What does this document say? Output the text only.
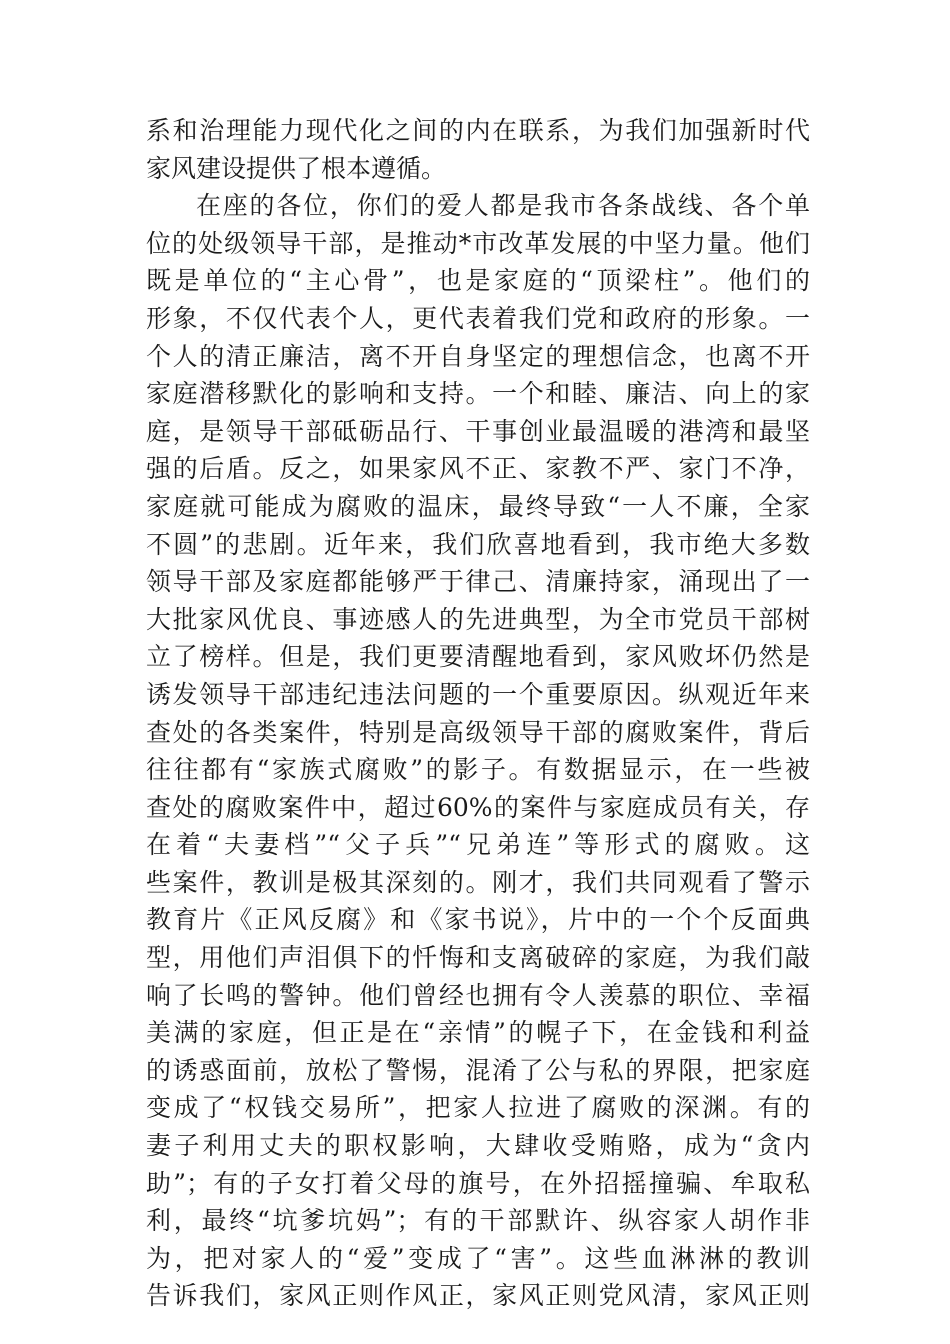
系和治理能力现代化之间的内在联系，为我们加强新时代
家风建设提供了根本遵循。
在座的各位，你们的爱人都是我市各条战线、各个单
位的处级领导干部，是推动*市改革发展的中坚力量。他们
既是单位的“主心骨”，也是家庭的“顶梁柱”。他们的
形象，不仅代表个人，更代表着我们党和政府的形象。一
个人的清正廉洁，离不开自身坚定的理想信念，也离不开
家庭潜移默化的影响和支持。一个和睦、廉洁、向上的家
庭，是领导干部砥砺品行、干事创业最温暖的港湾和最坚
强的后盾。反之，如果家风不正、家教不严、家门不净，
家庭就可能成为腐败的温床，最终导致“一人不廉，全家
不圆”的悲剧。近年来，我们欣喜地看到，我市绝大多数
领导干部及家庭都能够严于律己、清廉持家，涌现出了一
大批家风优良、事迹感人的先进典型，为全市党员干部树
立了榜样。但是，我们更要清醒地看到，家风败坏仍然是
诱发领导干部违纪违法问题的一个重要原因。纵观近年来
查处的各类案件，特别是高级领导干部的腐败案件，背后
往往都有“家族式腐败”的影子。有数据显示，在一些被
查处的腐败案件中，超过60%的案件与家庭成员有关，存
在着“夫妻档”“父子兵”“兄弟连”等形式的腐败。这
些案件，教训是极其深刻的。刚才，我们共同观看了警示
教育片《正风反腐》和《家书说》，片中的一个个反面典
型，用他们声泪俱下的忏悔和支离破碎的家庭，为我们敲
响了长鸣的警钟。他们曾经也拥有令人羡慕的职位、幸福
美满的家庭，但正是在“亲情”的幌子下，在金钱和利益
的诱惑面前，放松了警惕，混淆了公与私的界限，把家庭
变成了“权钱交易所”，把家人拉进了腐败的深渊。有的
妻子利用丈夫的职权影响，大肆收受贿赂，成为“贪内
助”；有的子女打着父母的旗号，在外招摇撞骗、牟取私
利，最终“坑爹坑妈”；有的干部默许、纵容家人胡作非
为，把对家人的“爱”变成了“害”。这些血淋淋的教训
告诉我们，家风正则作风正，家风正则党风清，家风正则
